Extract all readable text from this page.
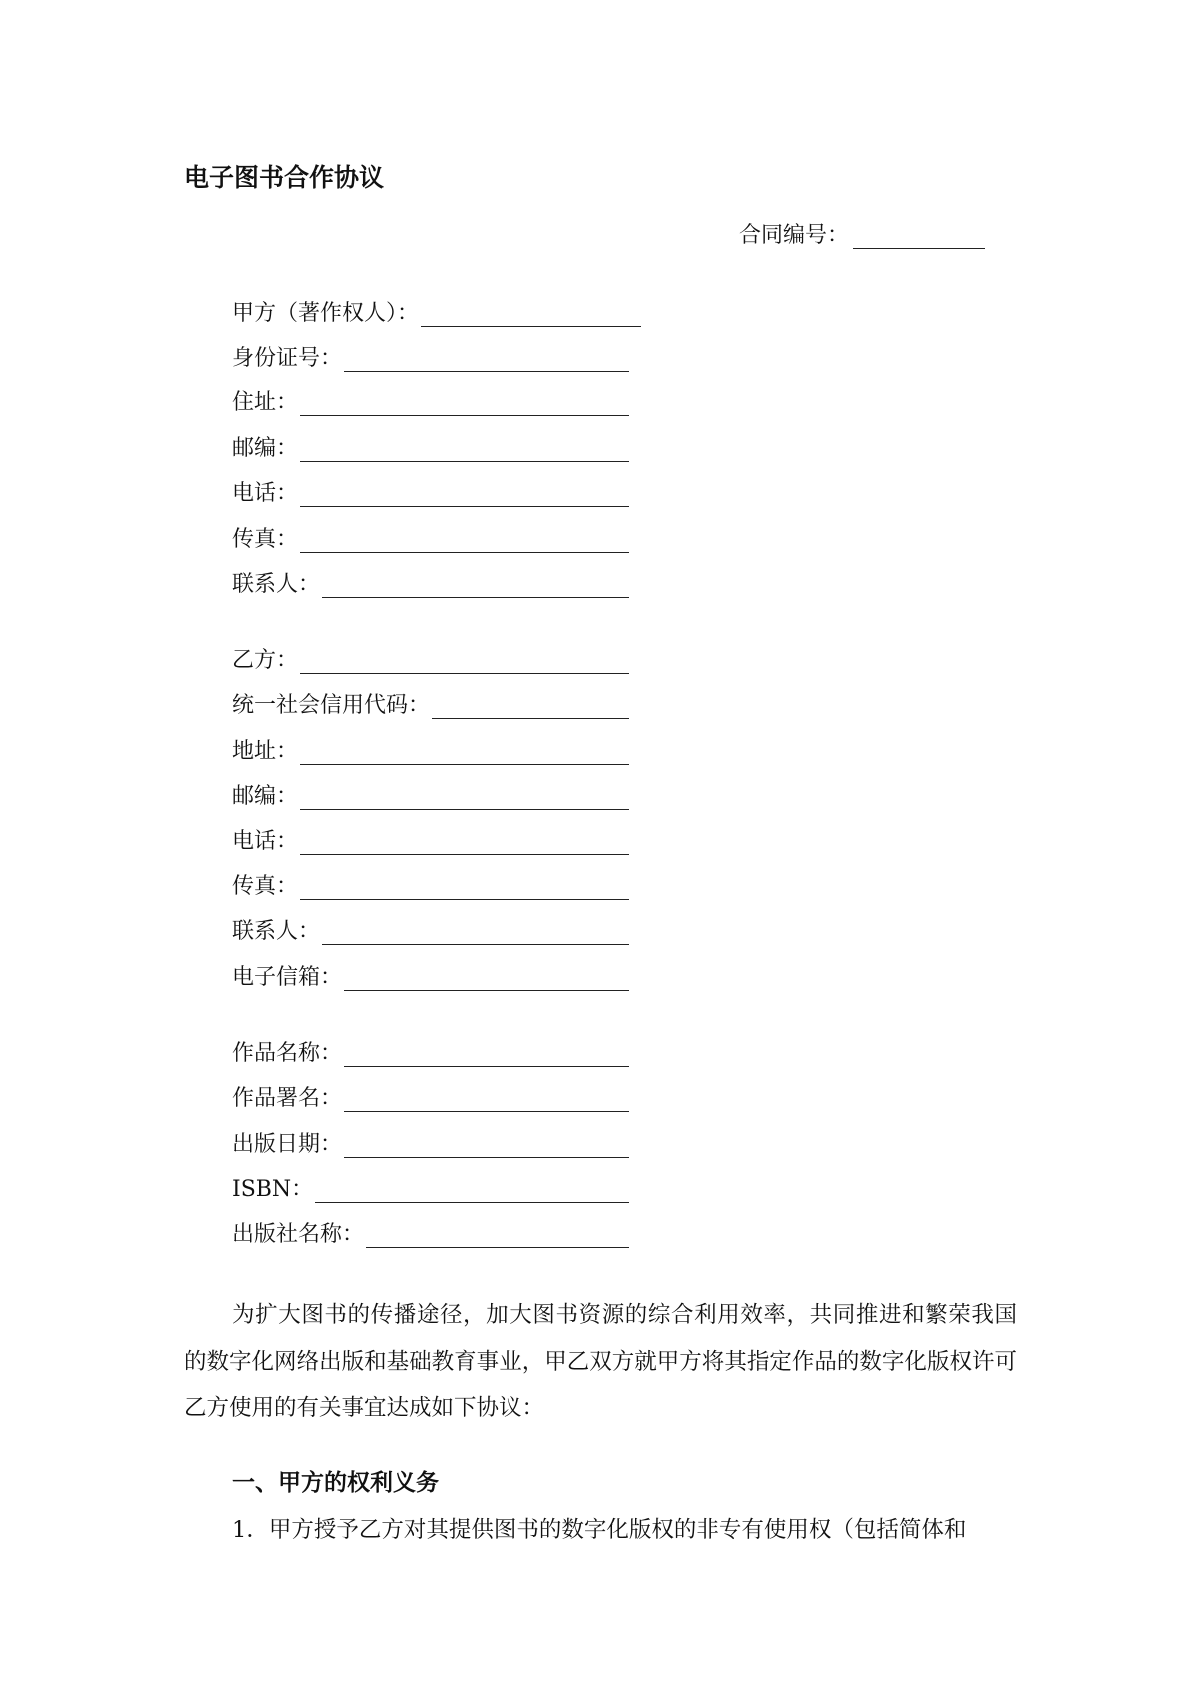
电子图书合作协议
合同编号：
甲方（著作权人）：
身份证号：
住址：
邮编：
电话：
传真：
联系人：
乙方：
统一社会信用代码：
地址：
邮编：
电话：
传真：
联系人：
电子信箱：
作品名称：
作品署名：
出版日期：
ISBN：
出版社名称：

为扩大图书的传播途径，加大图书资源的综合利用效率，共同推进和繁荣我国的数字化网络出版和基础教育事业，甲乙双方就甲方将其指定作品的数字化版权许可乙方使用的有关事宜达成如下协议：

一、甲方的权利义务
1．甲方授予乙方对其提供图书的数字化版权的非专有使用权（包括简体和
